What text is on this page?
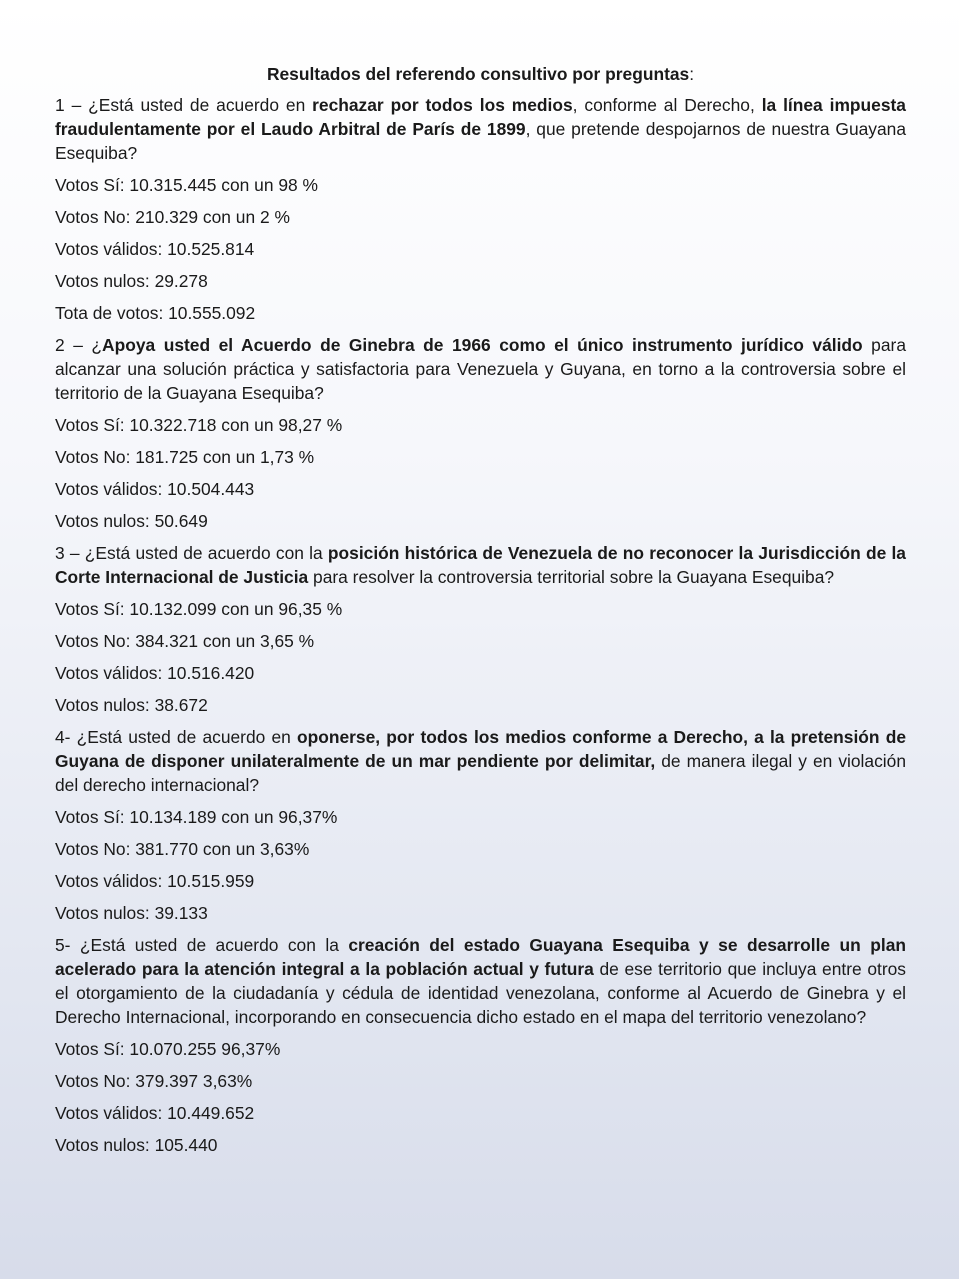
Resultados del referendo consultivo por preguntas:

1 – ¿Está usted de acuerdo en rechazar por todos los medios, conforme al Derecho, la línea impuesta fraudulentamente por el Laudo Arbitral de París de 1899, que pretende despojarnos de nuestra Guayana Esequiba?

Votos Sí: 10.315.445 con un 98 %

Votos No: 210.329 con un 2 %

Votos válidos: 10.525.814

Votos nulos: 29.278

Tota de votos: 10.555.092

2 – ¿Apoya usted el Acuerdo de Ginebra de 1966 como el único instrumento jurídico válido para alcanzar una solución práctica y satisfactoria para Venezuela y Guyana, en torno a la controversia sobre el territorio de la Guayana Esequiba?

Votos Sí: 10.322.718 con un 98,27 %

Votos No: 181.725 con un 1,73 %

Votos válidos: 10.504.443

Votos nulos: 50.649

3 – ¿Está usted de acuerdo con la posición histórica de Venezuela de no reconocer la Jurisdicción de la Corte Internacional de Justicia para resolver la controversia territorial sobre la Guayana Esequiba?

Votos Sí: 10.132.099 con un 96,35 %

Votos No: 384.321 con un 3,65 %

Votos válidos: 10.516.420

Votos nulos: 38.672

4- ¿Está usted de acuerdo en oponerse, por todos los medios conforme a Derecho, a la pretensión de Guyana de disponer unilateralmente de un mar pendiente por delimitar, de manera ilegal y en violación del derecho internacional?

Votos Sí: 10.134.189 con un 96,37%

Votos No: 381.770 con un 3,63%

Votos válidos: 10.515.959

Votos nulos: 39.133

5- ¿Está usted de acuerdo con la creación del estado Guayana Esequiba y se desarrolle un plan acelerado para la atención integral a la población actual y futura de ese territorio que incluya entre otros el otorgamiento de la ciudadanía y cédula de identidad venezolana, conforme al Acuerdo de Ginebra y el Derecho Internacional, incorporando en consecuencia dicho estado en el mapa del territorio venezolano?

Votos Sí: 10.070.255 96,37%

Votos No: 379.397 3,63%

Votos válidos: 10.449.652

Votos nulos: 105.440
